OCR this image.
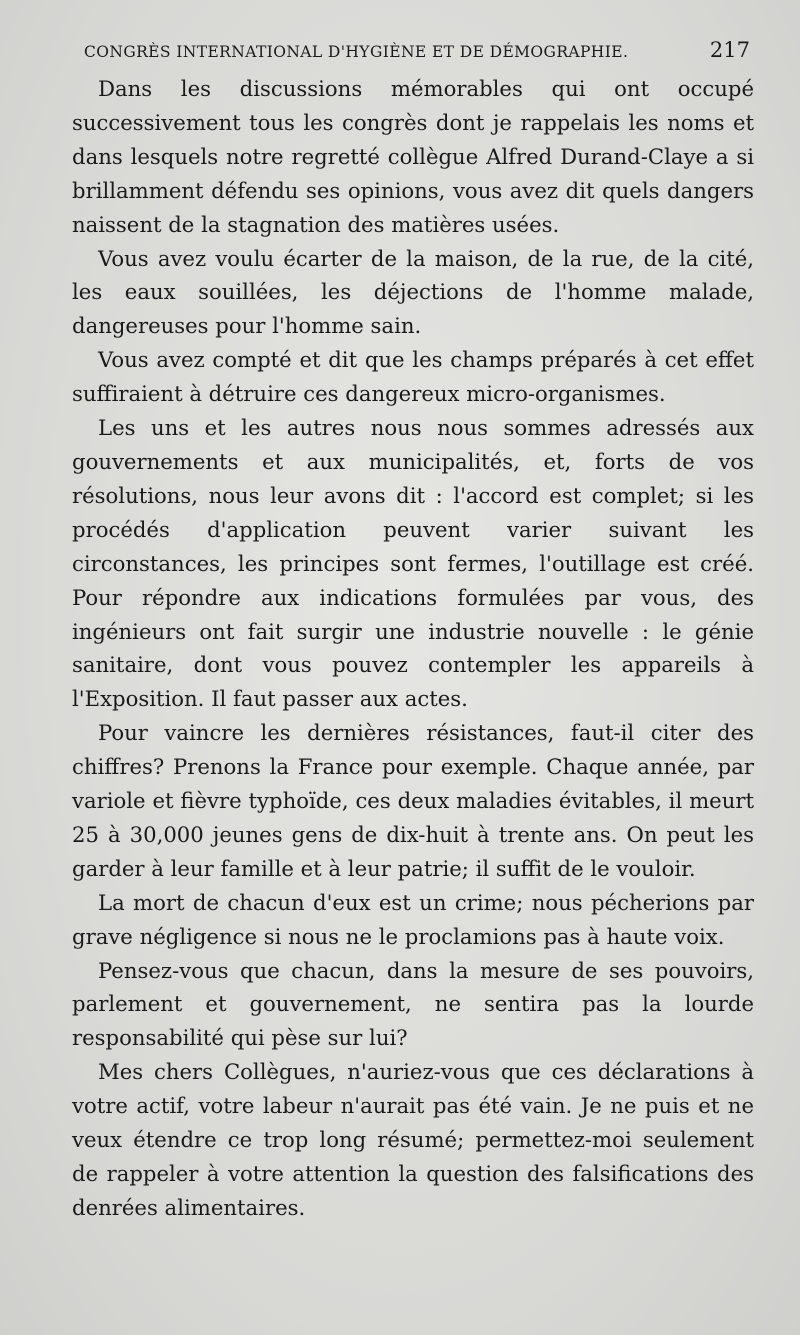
CONGRÈS INTERNATIONAL D'HYGIÈNE ET DE DÉMOGRAPHIE.	217

Dans les discussions mémorables qui ont occupé successivement tous les congrès dont je rappelais les noms et dans lesquels notre regretté collègue Alfred Durand-Claye a si brillamment défendu ses opinions, vous avez dit quels dangers naissent de la stagnation des matières usées.

Vous avez voulu écarter de la maison, de la rue, de la cité, les eaux souillées, les déjections de l'homme malade, dangereuses pour l'homme sain.

Vous avez compté et dit que les champs préparés à cet effet suffiraient à détruire ces dangereux micro-organismes.

Les uns et les autres nous nous sommes adressés aux gouvernements et aux municipalités, et, forts de vos résolutions, nous leur avons dit : l'accord est complet; si les procédés d'application peuvent varier suivant les circonstances, les principes sont fermes, l'outillage est créé. Pour répondre aux indications formulées par vous, des ingénieurs ont fait surgir une industrie nouvelle : le génie sanitaire, dont vous pouvez contempler les appareils à l'Exposition. Il faut passer aux actes.

Pour vaincre les dernières résistances, faut-il citer des chiffres? Prenons la France pour exemple. Chaque année, par variole et fièvre typhoïde, ces deux maladies évitables, il meurt 25 à 30,000 jeunes gens de dix-huit à trente ans. On peut les garder à leur famille et à leur patrie; il suffit de le vouloir.

La mort de chacun d'eux est un crime; nous pécherions par grave négligence si nous ne le proclamions pas à haute voix.

Pensez-vous que chacun, dans la mesure de ses pouvoirs, parlement et gouvernement, ne sentira pas la lourde responsabilité qui pèse sur lui?

Mes chers Collègues, n'auriez-vous que ces déclarations à votre actif, votre labeur n'aurait pas été vain. Je ne puis et ne veux étendre ce trop long résumé; permettez-moi seulement de rappeler à votre attention la question des falsifications des denrées alimentaires.
